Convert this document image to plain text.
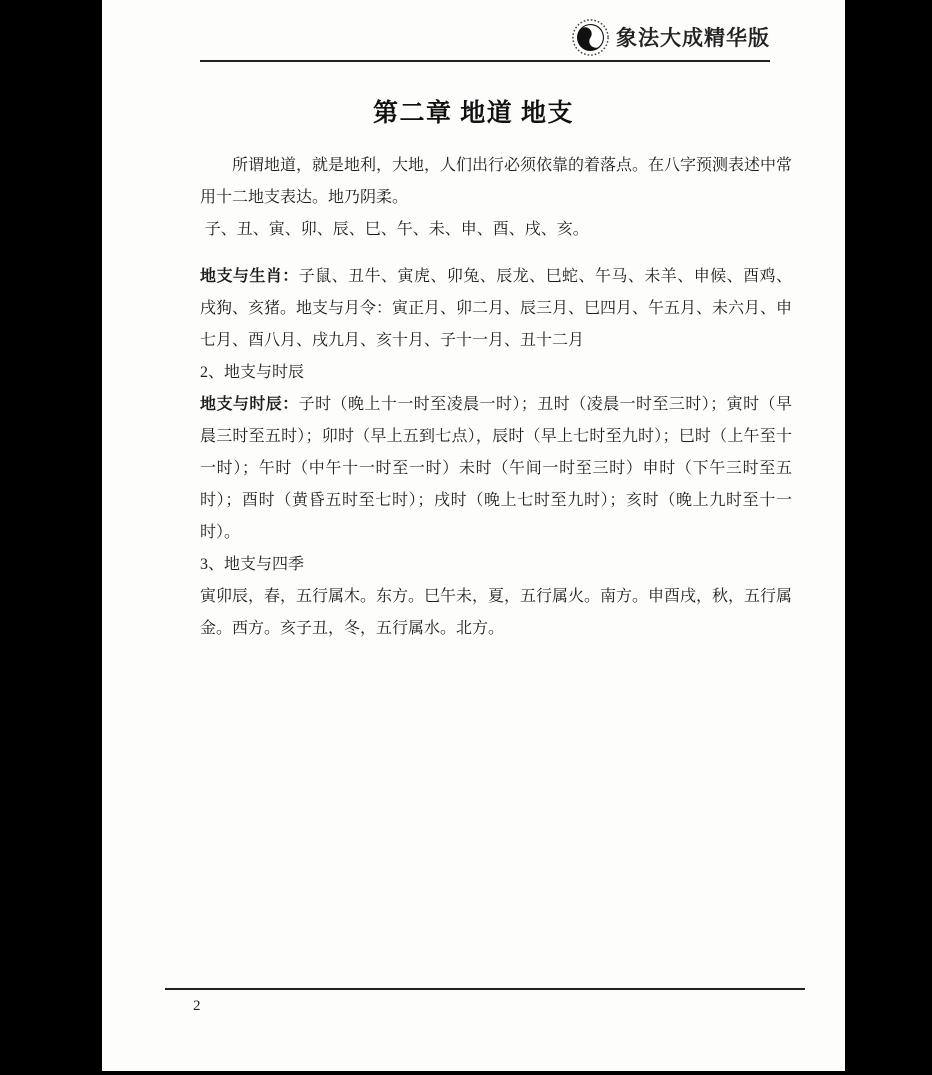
象法大成精华版
第二章 地道 地支

所谓地道，就是地利，大地，人们出行必须依靠的着落点。在八字预测表述中常用十二地支表达。地乃阴柔。

子、丑、寅、卯、辰、巳、午、未、申、酉、戌、亥。

地支与生肖：子鼠、丑牛、寅虎、卯兔、辰龙、巳蛇、午马、未羊、申候、酉鸡、戌狗、亥猪。地支与月令：寅正月、卯二月、辰三月、巳四月、午五月、未六月、申七月、酉八月、戌九月、亥十月、子十一月、丑十二月

2、地支与时辰

地支与时辰：子时（晚上十一时至凌晨一时）；丑时（凌晨一时至三时）；寅时（早晨三时至五时）；卯时（早上五到七点），辰时（早上七时至九时）；巳时（上午至十一时）；午时（中午十一时至一时）未时（午间一时至三时）申时（下午三时至五时）；酉时（黄昏五时至七时）；戌时（晚上七时至九时）；亥时（晚上九时至十一时）。

3、地支与四季

寅卯辰，春，五行属木。东方。巳午未，夏，五行属火。南方。申酉戌，秋，五行属金。西方。亥子丑，冬，五行属水。北方。

2
